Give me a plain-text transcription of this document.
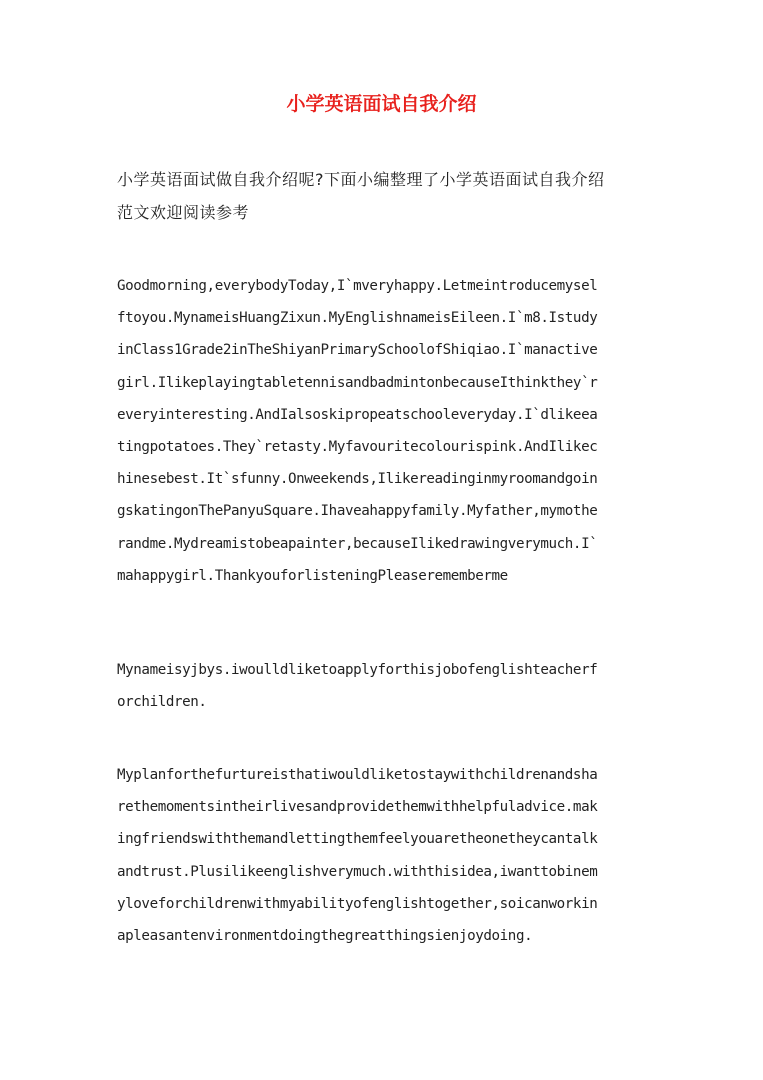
小学英语面试自我介绍
小学英语面试做自我介绍呢?下面小编整理了小学英语面试自我介绍
范文欢迎阅读参考
Goodmorning,everybodyToday,I`mveryhappy.Letmeintroducemysel
ftoyou.MynameisHuangZixun.MyEnglishnameisEileen.I`m8.Istudy
inClass1Grade2inTheShiyanPrimarySchoolofShiqiao.I`manactive
girl.IlikeplayingtabletennisandbadmintonbecauseIthinkthey`r
everyinteresting.AndIalsoskipropeatschooleveryday.I`dlikeea
tingpotatoes.They`retasty.Myfavouritecolourispink.AndIlikec
hinesebest.It`sfunny.Onweekends,Ilikereadinginmyroomandgoin
gskatingonThePanyuSquare.Ihaveahappyfamily.Myfather,mymothe
randme.Mydreamistobeapainter,becauseIlikedrawingverymuch.I`
mahappygirl.ThankyouforlisteningPleaserememberme
Mynameisyjbys.iwoulldliketoapplyforthisjobofenglishteacherf
orchildren.
Myplanforthefurtureisthatiwouldliketostaywithchildrenandsha
rethemomentsintheirlivesandprovidethemwithhelpfuladvice.mak
ingfriendswiththemandlettingthemfeelyouaretheonetheycantalk
andtrust.Plusilikeenglishverymuch.withthisidea,iwanttobinem
yloveforchildrenwithmyabilityofenglishtogether,soicanworkin
apleasantenvironmentdoingthegreatthingsienjoydoing.
